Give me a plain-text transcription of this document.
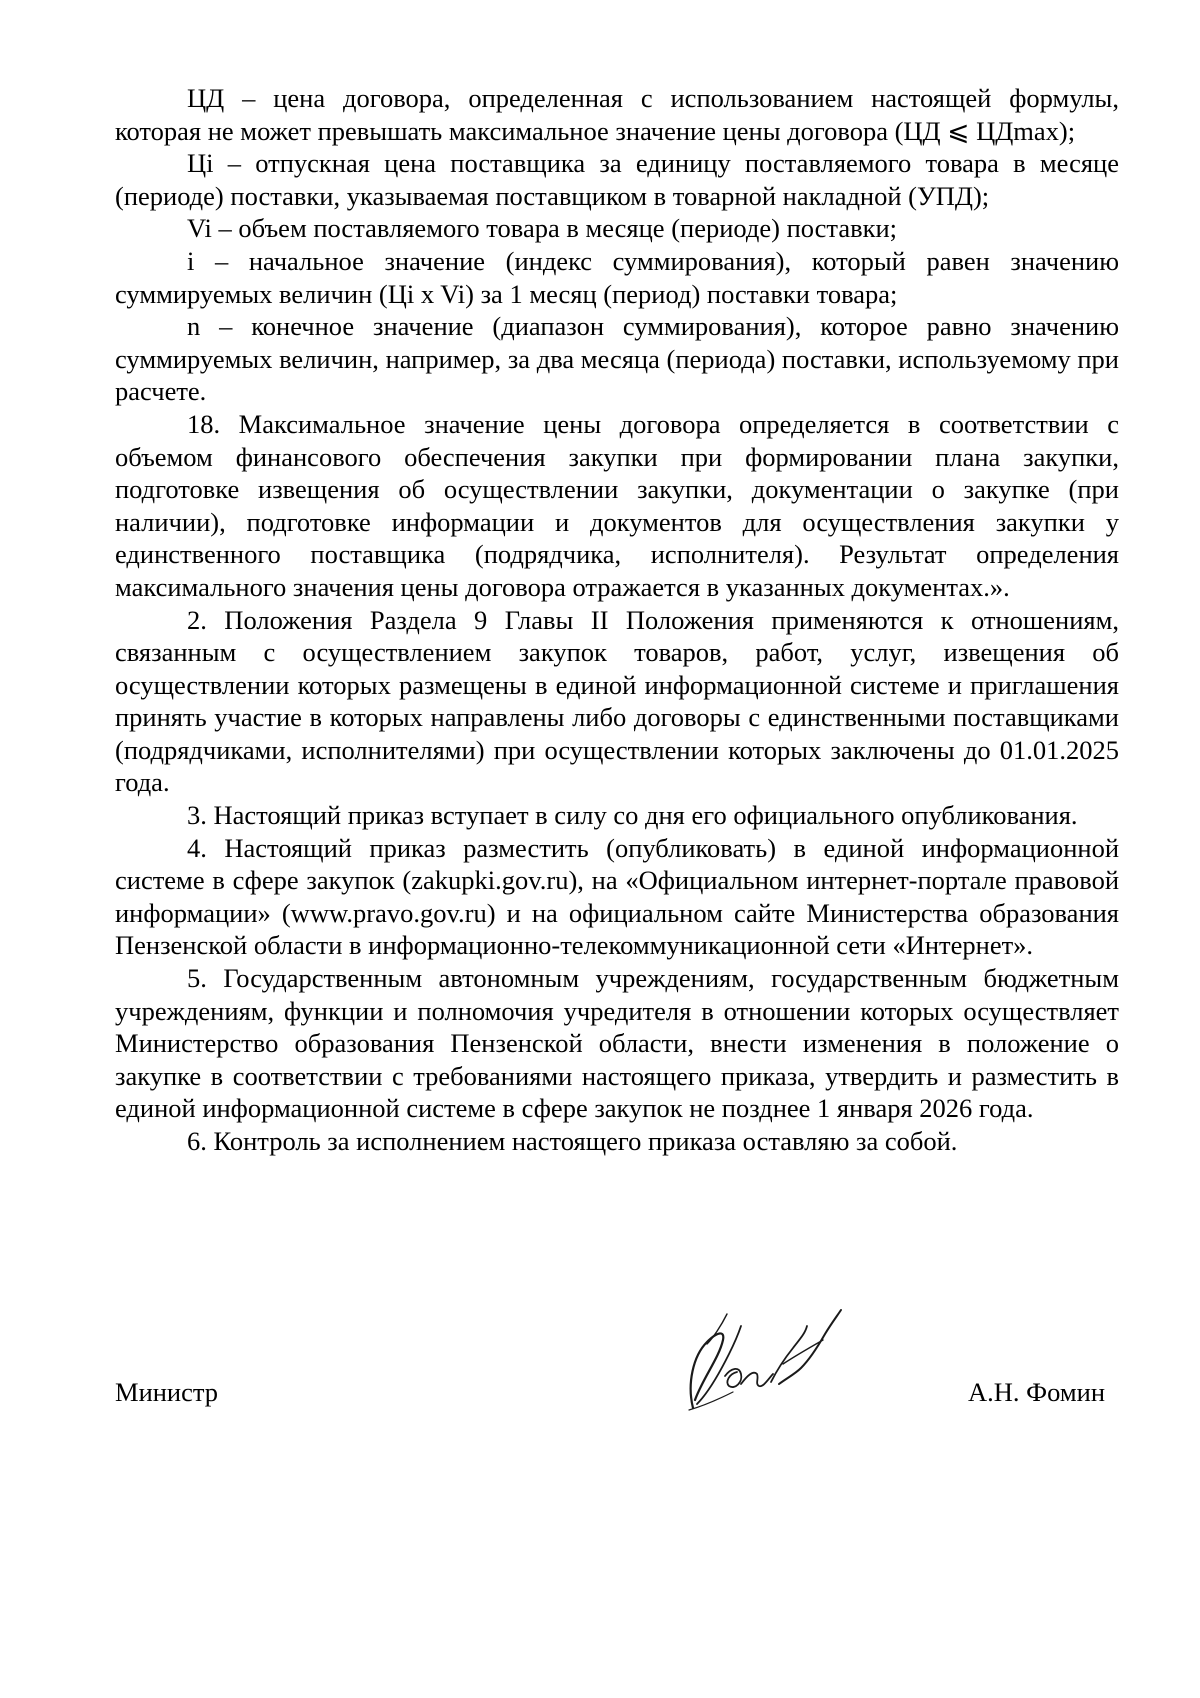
ЦД – цена договора, определенная с использованием настоящей формулы, которая не может превышать максимальное значение цены договора (ЦД ⩽ ЦДmax);

Цi – отпускная цена поставщика за единицу поставляемого товара в месяце (периоде) поставки, указываемая поставщиком в товарной накладной (УПД);

Vi – объем поставляемого товара в месяце (периоде) поставки;

i – начальное значение (индекс суммирования), который равен значению суммируемых величин (Цi x Vi) за 1 месяц (период) поставки товара;

n – конечное значение (диапазон суммирования), которое равно значению суммируемых величин, например, за два месяца (периода) поставки, используемому при расчете.

18. Максимальное значение цены договора определяется в соответствии с объемом финансового обеспечения закупки при формировании плана закупки, подготовке извещения об осуществлении закупки, документации о закупке (при наличии), подготовке информации и документов для осуществления закупки у единственного поставщика (подрядчика, исполнителя). Результат определения максимального значения цены договора отражается в указанных документах.».

2. Положения Раздела 9 Главы II Положения применяются к отношениям, связанным с осуществлением закупок товаров, работ, услуг, извещения об осуществлении которых размещены в единой информационной системе и приглашения принять участие в которых направлены либо договоры с единственными поставщиками (подрядчиками, исполнителями) при осуществлении которых заключены до 01.01.2025 года.

3. Настоящий приказ вступает в силу со дня его официального опубликования.

4. Настоящий приказ разместить (опубликовать) в единой информационной системе в сфере закупок (zakupki.gov.ru), на «Официальном интернет-портале правовой информации» (www.pravo.gov.ru) и на официальном сайте Министерства образования Пензенской области в информационно-телекоммуникационной сети «Интернет».

5. Государственным автономным учреждениям, государственным бюджетным учреждениям, функции и полномочия учредителя в отношении которых осуществляет Министерство образования Пензенской области, внести изменения в положение о закупке в соответствии с требованиями настоящего приказа, утвердить и разместить в единой информационной системе в сфере закупок не позднее 1 января 2026 года.

6. Контроль за исполнением настоящего приказа оставляю за собой.

Министр	А.Н. Фомин
